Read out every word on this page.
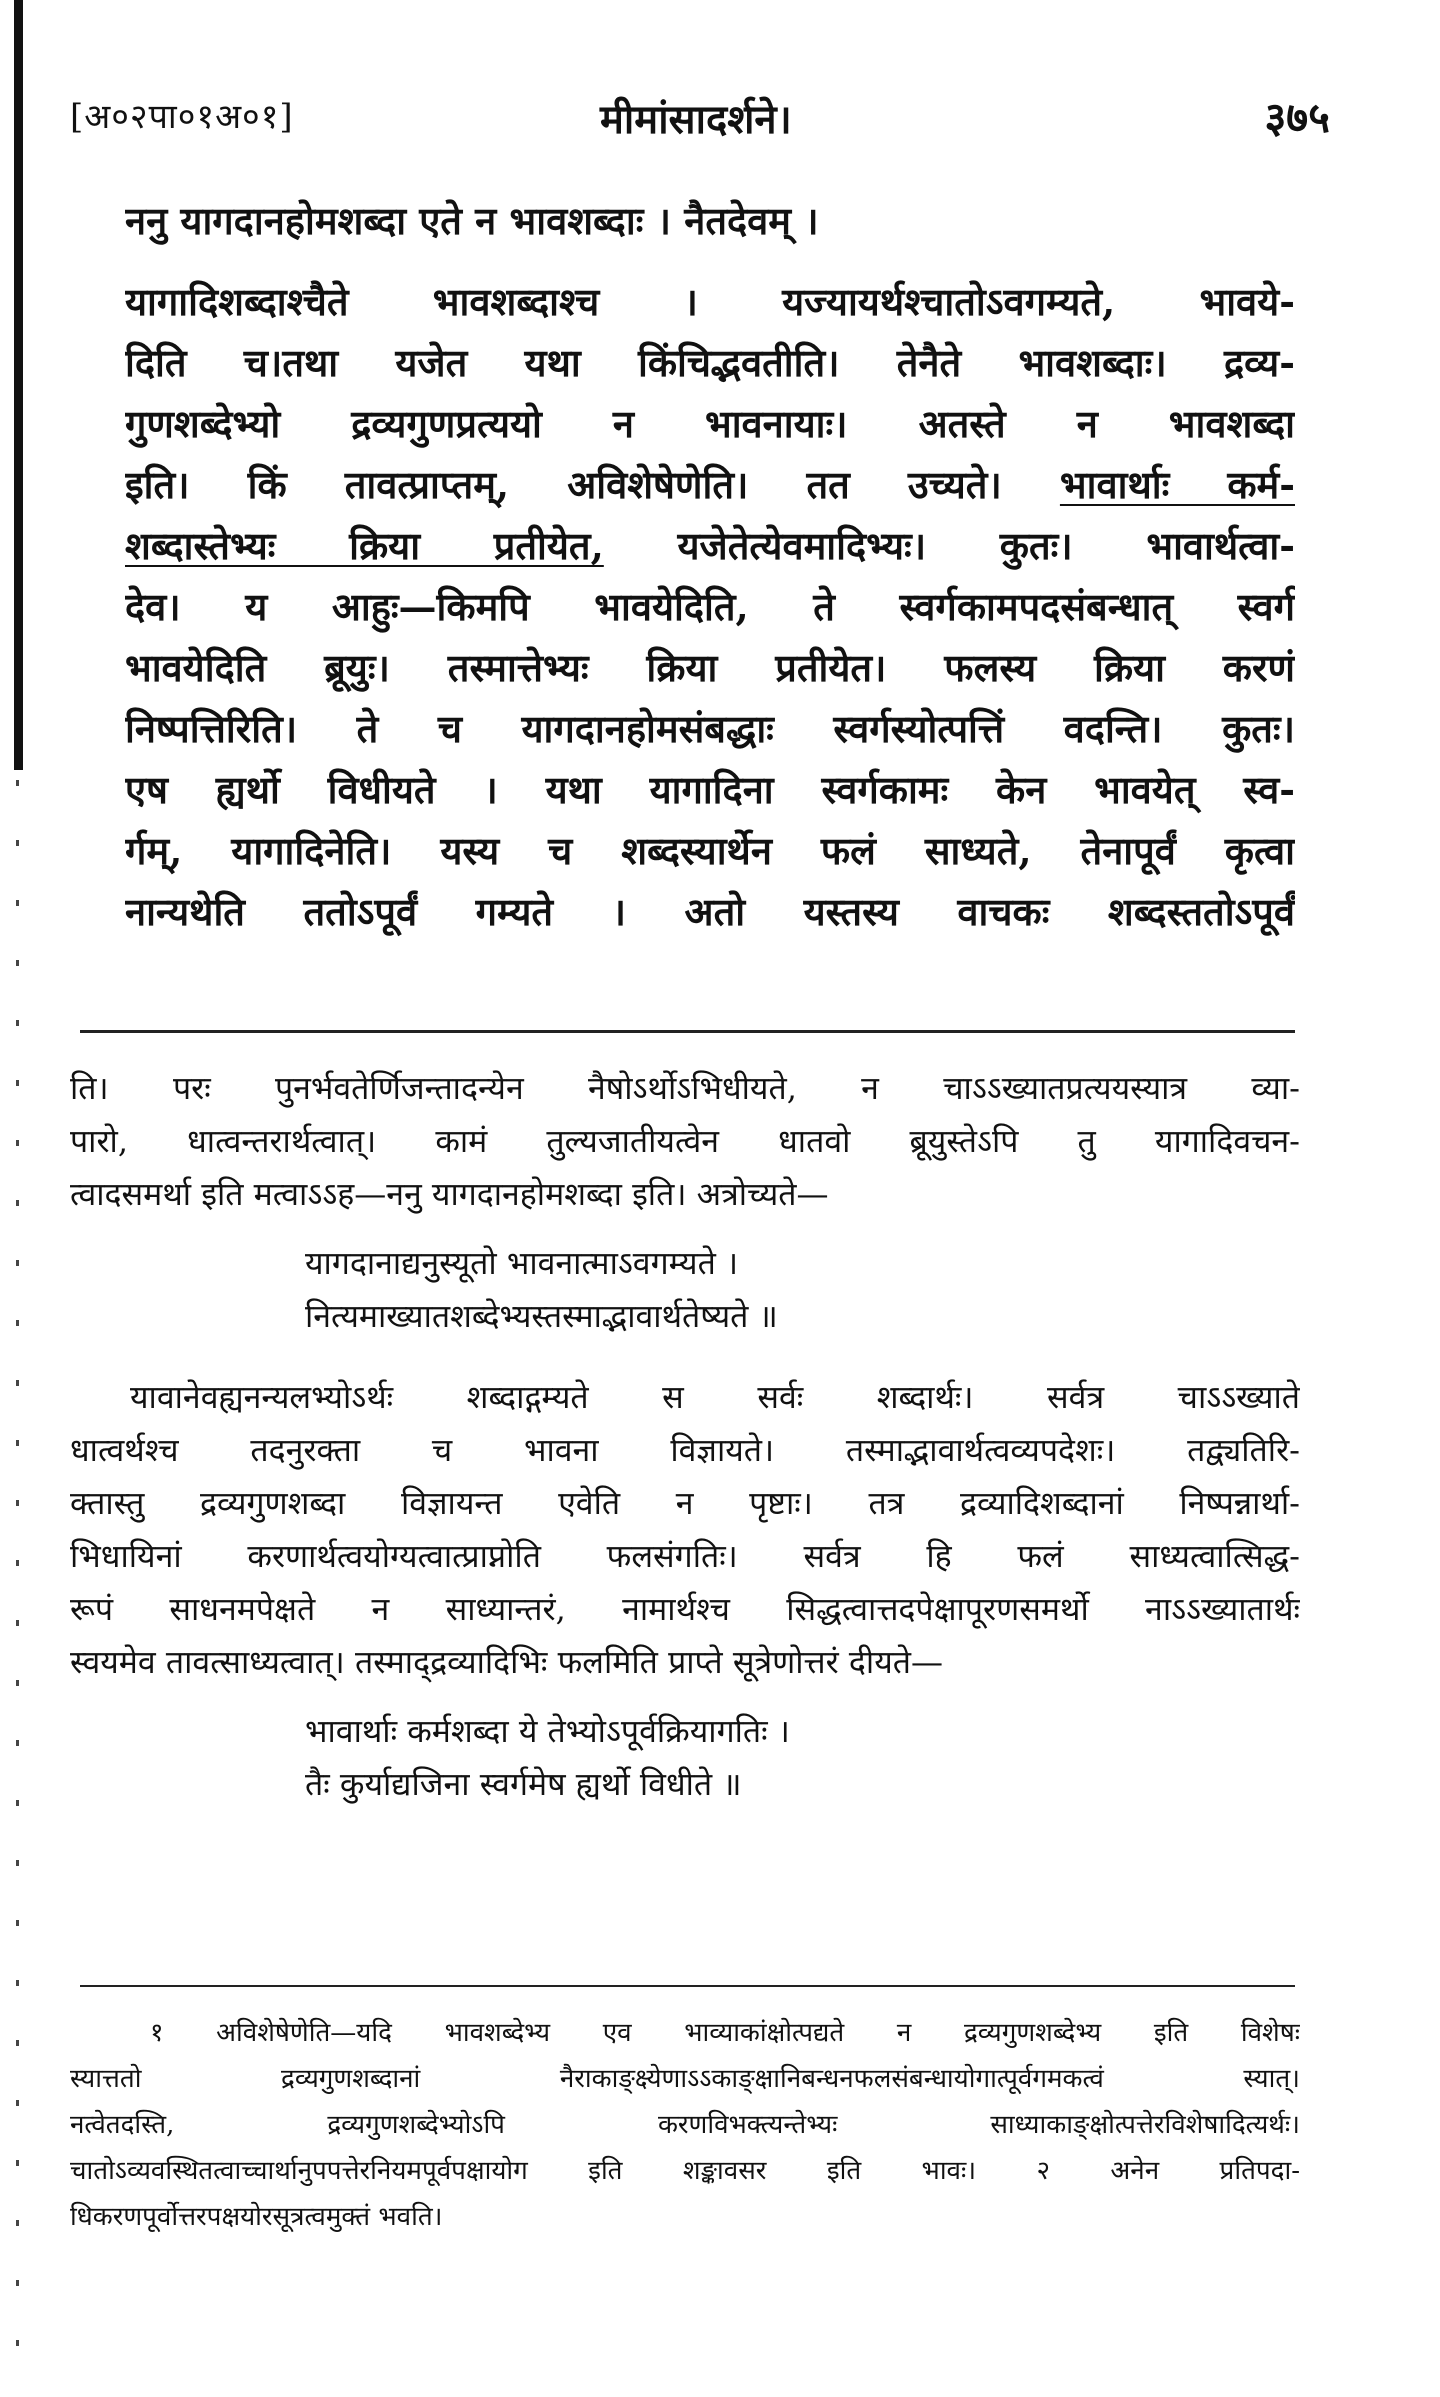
[अ०२पा०१अ०१]	मीमांसादर्शने।	३७५
ननु यागदानहोमशब्दा एते न भावशब्दाः । नैतदेवम् ।
यागादिशब्दाश्चैते भावशब्दाश्च । यज्यायर्थश्चातोऽवगम्यते, भावये-
दिति च।तथा यजेत यथा किंचिद्भवतीति। तेनैते भावशब्दाः। द्रव्य-
गुणशब्देभ्यो द्रव्यगुणप्रत्ययो न भावनायाः। अतस्ते न भावशब्दा
इति। किं तावत्प्राप्तम्, अविशेषेणेति। तत उच्यते। भावार्थाः कर्म-
शब्दास्तेभ्यः क्रिया प्रतीयेत, यजेतेत्येवमादिभ्यः। कुतः। भावार्थत्वा-
देव। य आहुः—किमपि भावयेदिति, ते स्वर्गकामपदसंबन्धात् स्वर्ग
भावयेदिति ब्रूयुः। तस्मात्तेभ्यः क्रिया प्रतीयेत। फलस्य क्रिया करणं
निष्पत्तिरिति। ते च यागदानहोमसंबद्धाः स्वर्गस्योत्पत्तिं वदन्ति। कुतः।
एष ह्यर्थो विधीयते । यथा यागादिना स्वर्गकामः केन भावयेत् स्व-
र्गम्, यागादिनेति। यस्य च शब्दस्यार्थेन फलं साध्यते, तेनापूर्वं कृत्वा
नान्यथेति ततोऽपूर्वं गम्यते । अतो यस्तस्य वाचकः शब्दस्ततोऽपूर्वं
ति। परः पुनर्भवतेर्णिजन्तादन्येन नैषोऽर्थोऽभिधीयते, न चाऽऽख्यातप्रत्ययस्यात्र व्या-
पारो, धात्वन्तरार्थत्वात्। कामं तुल्यजातीयत्वेन धातवो ब्रूयुस्तेऽपि तु यागादिवचन-
त्वादसमर्था इति मत्वाऽऽह—ननु यागदानहोमशब्दा इति। अत्रोच्यते—
यागदानाद्यनुस्यूतो भावनात्माऽवगम्यते ।
नित्यमाख्यातशब्देभ्यस्तस्माद्भावार्थतेष्यते ॥
यावानेवह्यनन्यलभ्योऽर्थः शब्दाद्गम्यते स सर्वः शब्दार्थः। सर्वत्र चाऽऽख्याते
धात्वर्थश्च तदनुरक्ता च भावना विज्ञायते। तस्माद्भावार्थत्वव्यपदेशः। तद्व्यतिरि-
क्तास्तु द्रव्यगुणशब्दा विज्ञायन्त एवेति न पृष्टाः। तत्र द्रव्यादिशब्दानां निष्पन्नार्था-
भिधायिनां करणार्थत्वयोग्यत्वात्प्राप्नोति फलसंगतिः। सर्वत्र हि फलं साध्यत्वात्सिद्ध-
रूपं साधनमपेक्षते न साध्यान्तरं, नामार्थश्च सिद्धत्वात्तदपेक्षापूरणसमर्थो नाऽऽख्यातार्थः
स्वयमेव तावत्साध्यत्वात्। तस्माद्द्रव्यादिभिः फलमिति प्राप्ते सूत्रेणोत्तरं दीयते—
भावार्थाः कर्मशब्दा ये तेभ्योऽपूर्वक्रियागतिः ।
तैः कुर्याद्यजिना स्वर्गमेष ह्यर्थो विधीते ॥
१ अविशेषेणेति—यदि भावशब्देभ्य एव भाव्याकांक्षोत्पद्यते न द्रव्यगुणशब्देभ्य इति विशेषः
स्यात्ततो द्रव्यगुणशब्दानां नैराकाङ्क्ष्येणाऽऽकाङ्क्षानिबन्धनफलसंबन्धायोगात्पूर्वगमकत्वं स्यात्।
नत्वेतदस्ति, द्रव्यगुणशब्देभ्योऽपि करणविभक्त्यन्तेभ्यः साध्याकाङ्क्षोत्पत्तेरविशेषादित्यर्थः।
चातोऽव्यवस्थितत्वाच्चार्थानुपपत्तेरनियमपूर्वपक्षायोग इति शङ्कावसर इति भावः। २ अनेन प्रतिपदा-
धिकरणपूर्वोत्तरपक्षयोरसूत्रत्वमुक्तं भवति।
